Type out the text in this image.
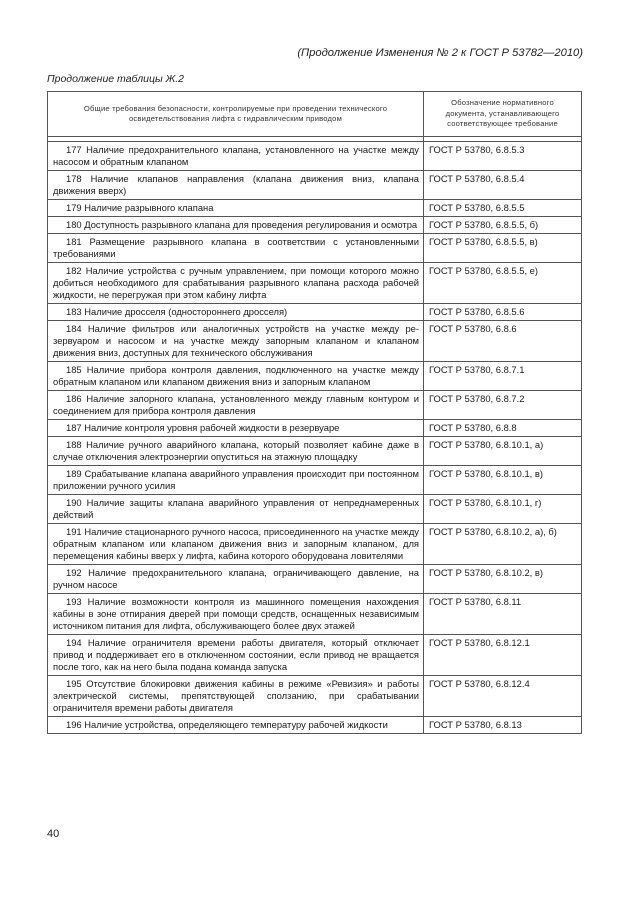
(Продолжение Изменения № 2 к ГОСТ Р 53782—2010)
Продолжение таблицы Ж.2
Общие требования безопасности, контролируемые при проведении технического освидетельствования лифта с гидравлическим приводом	Обозначение нормативного документа, устанавливающего соответствующее требование

177 Наличие предохранительного клапана, установленного на участке между насосом и обратным клапаном	ГОСТ Р 53780, 6.8.5.3
178 Наличие клапанов направления (клапана движения вниз, клапана движения вверх)	ГОСТ Р 53780, 6.8.5.4
179 Наличие разрывного клапана	ГОСТ Р 53780, 6.8.5.5
180 Доступность разрывного клапана для проведения регулирования и осмотра	ГОСТ Р 53780, 6.8.5.5, б)
181 Размещение разрывного клапана в соответствии с установленными требованиями	ГОСТ Р 53780, 6.8.5.5, в)
182 Наличие устройства с ручным управлением, при помощи которого можно добиться необходимого для срабатывания разрывного клапана расхода рабочей жидкости, не перегружая при этом кабину лифта	ГОСТ Р 53780, 6.8.5.5, е)
183 Наличие дросселя (одностороннего дросселя)	ГОСТ Р 53780, 6.8.5.6
184 Наличие фильтров или аналогичных устройств на участке между резервуаром и насосом и на участке между запорным клапаном и клапаном движения вниз, доступных для технического обслуживания	ГОСТ Р 53780, 6.8.6
185 Наличие прибора контроля давления, подключенного на участке между обратным клапаном или клапаном движения вниз и запорным клапаном	ГОСТ Р 53780, 6.8.7.1
186 Наличие запорного клапана, установленного между главным контуром и соединением для прибора контроля давления	ГОСТ Р 53780, 6.8.7.2
187 Наличие контроля уровня рабочей жидкости в резервуаре	ГОСТ Р 53780, 6.8.8
188 Наличие ручного аварийного клапана, который позволяет кабине даже в случае отключения электроэнергии опуститься на этажную площадку	ГОСТ Р 53780, 6.8.10.1, а)
189 Срабатывание клапана аварийного управления происходит при постоянном приложении ручного усилия	ГОСТ Р 53780, 6.8.10.1, в)
190 Наличие защиты клапана аварийного управления от непреднамеренных действий	ГОСТ Р 53780, 6.8.10.1, г)
191 Наличие стационарного ручного насоса, присоединенного на участке между обратным клапаном или клапаном движения вниз и запорным клапаном, для перемещения кабины вверх у лифта, кабина которого оборудована ловителями	ГОСТ Р 53780, 6.8.10.2, а), б)
192 Наличие предохранительного клапана, ограничивающего давление, на ручном насосе	ГОСТ Р 53780, 6.8.10.2, в)
193 Наличие возможности контроля из машинного помещения нахождения кабины в зоне отпирания дверей при помощи средств, оснащенных независимым источником питания для лифта, обслуживающего более двух этажей	ГОСТ Р 53780, 6.8.11
194 Наличие ограничителя времени работы двигателя, который отключает привод и поддерживает его в отключенном состоянии, если привод не вращается после того, как на него была подана команда запуска	ГОСТ Р 53780, 6.8.12.1
195 Отсутствие блокировки движения кабины в режиме «Ревизия» и работы электрической системы, препятствующей сползанию, при срабатывании ограничителя времени работы двигателя	ГОСТ Р 53780, 6.8.12.4
196 Наличие устройства, определяющего температуру рабочей жидкости	ГОСТ Р 53780, 6.8.13
40
